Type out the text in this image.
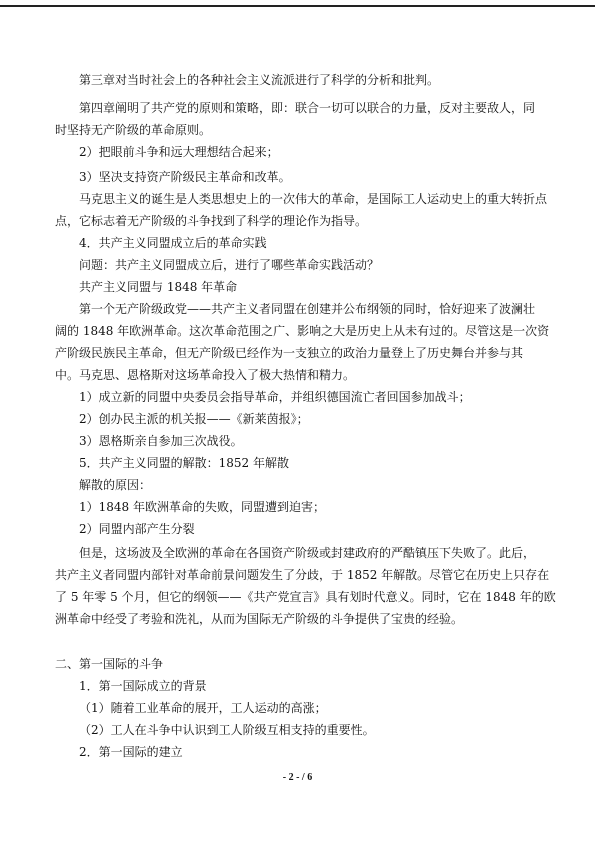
第三章对当时社会上的各种社会主义流派进行了科学的分析和批判。
第四章阐明了共产党的原则和策略，即：联合一切可以联合的力量，反对主要敌人，同
时坚持无产阶级的革命原则。
2）把眼前斗争和远大理想结合起来；
3）坚决支持资产阶级民主革命和改革。
马克思主义的诞生是人类思想史上的一次伟大的革命，是国际工人运动史上的重大转折点
点，它标志着无产阶级的斗争找到了科学的理论作为指导。
4．共产主义同盟成立后的革命实践
问题：共产主义同盟成立后，进行了哪些革命实践活动？
共产主义同盟与 1848 年革命
第一个无产阶级政党——共产主义者同盟在创建并公布纲领的同时，恰好迎来了波澜壮
阔的 1848 年欧洲革命。这次革命范围之广、影响之大是历史上从未有过的。尽管这是一次资
产阶级民族民主革命，但无产阶级已经作为一支独立的政治力量登上了历史舞台并参与其
中。马克思、恩格斯对这场革命投入了极大热情和精力。
1）成立新的同盟中央委员会指导革命，并组织德国流亡者回国参加战斗；
2）创办民主派的机关报——《新莱茵报》；
3）恩格斯亲自参加三次战役。
5．共产主义同盟的解散：1852 年解散
解散的原因：
1）1848 年欧洲革命的失败，同盟遭到迫害；
2）同盟内部产生分裂
但是，这场波及全欧洲的革命在各国资产阶级或封建政府的严酷镇压下失败了。此后，
共产主义者同盟内部针对革命前景问题发生了分歧，于 1852 年解散。尽管它在历史上只存在
了 5 年零 5 个月，但它的纲领——《共产党宣言》具有划时代意义。同时，它在 1848 年的欧
洲革命中经受了考验和洗礼，从而为国际无产阶级的斗争提供了宝贵的经验。
二、第一国际的斗争
1．第一国际成立的背景
（1）随着工业革命的展开，工人运动的高涨；
（2）工人在斗争中认识到工人阶级互相支持的重要性。
2．第一国际的建立
- 2 - / 6
